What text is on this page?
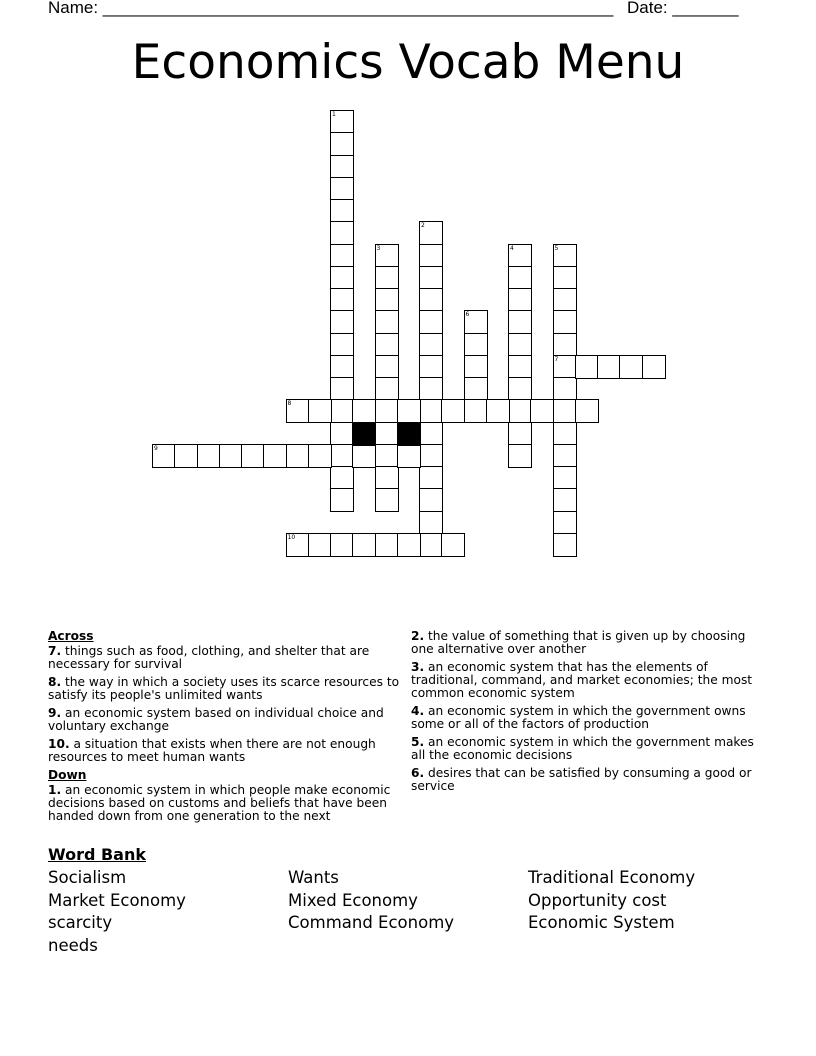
Name: ______________________________________________________ Date: _______
Economics Vocab Menu
1
2
3	4	5
7
6
8
9
10
Across
7. things such as food, clothing, and shelter that are necessary for survival
8. the way in which a society uses its scarce resources to satisfy its people's unlimited wants
9. an economic system based on individual choice and voluntary exchange
10. a situation that exists when there are not enough resources to meet human wants
Down
1. an economic system in which people make economic decisions based on customs and beliefs that have been handed down from one generation to the next
2. the value of something that is given up by choosing one alternative over another
3. an economic system that has the elements of traditional, command, and market economies; the most common economic system
4. an economic system in which the government owns some or all of the factors of production
5. an economic system in which the government makes all the economic decisions
6. desires that can be satisfied by consuming a good or service
Word Bank
Socialism
Market Economy
scarcity
needs
Wants
Mixed Economy
Command Economy
Traditional Economy
Opportunity cost
Economic System
